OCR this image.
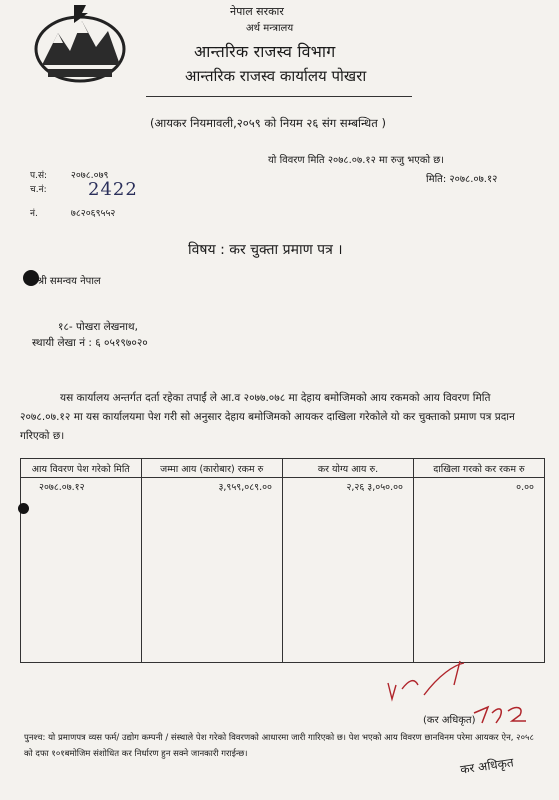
नेपाल सरकार
अर्थ मन्त्रालय
आन्तरिक राजस्व विभाग
आन्तरिक राजस्व कार्यालय पोखरा
(आयकर नियमावली,२०५९ को नियम २६ संग सम्बन्धित )
यो विवरण मिति २०७८.०७.१२ मा रुजु भएको छ।
मिति: २०७८.०७.१२
प.सं:	२०७८.०७९
च.नं:	2422
नं.	७८२०६९५५२
विषय : कर चुक्ता प्रमाण पत्र ।
श्री समन्वय नेपाल
१८- पोखरा लेखनाथ,
स्थायी लेखा नं : ६ ०५१९७०२०
यस कार्यालय अन्तर्गत दर्ता रहेका तपाईं ले आ.व २०७७.०७८ मा देहाय बमोजिमको आय रकमको आय विवरण मिति २०७८.०७.१२ मा यस कार्यालयमा पेश गरी सो अनुसार देहाय बमोजिमको आयकर दाखिला गरेकोले यो कर चुक्ताको प्रमाण पत्र प्रदान गरिएको छ।
आय विवरण पेश गरेको मिति	जम्मा आय (कारोबार) रकम रु	कर योग्य आय रु.	दाखिला गरको कर रकम रु

२०७८.०७.१२	३,९५९,०८९.००	२,२६ ३,०५०.००	०.००
(कर अधिकृत)
पुनश्च: यो प्रमाणपत्र व्यस फर्म/ उद्योग कम्पनी / संस्थाले पेश गरेको विवरणको आधारमा जारी गारिएको छ। पेश भएको आय विवरण छानविनम परेमा आयकर ऐन, २०५८ को दफा १०१बमोजिम संशोधित कर निर्धारण हुन सक्ने जानकारी गराईन्छ।
कर अधिकृत
